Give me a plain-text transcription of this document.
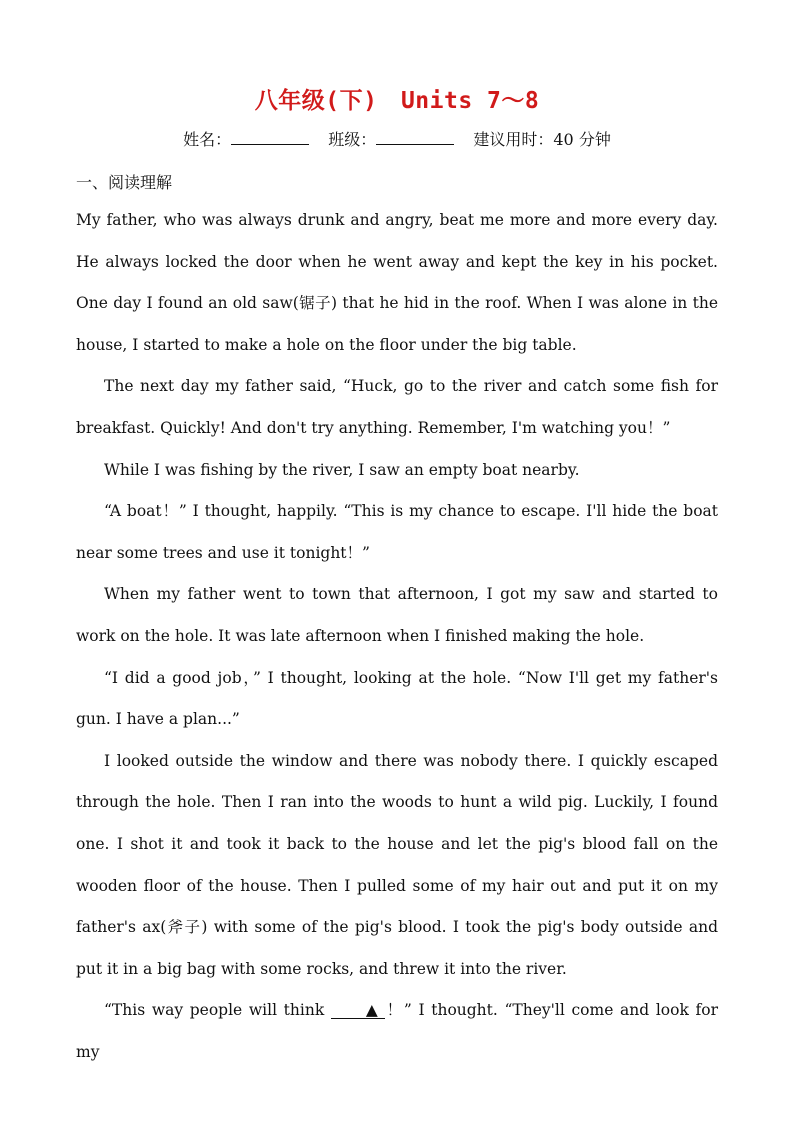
八年级(下)　Units 7～8
姓名：	班级：	建议用时：40 分钟
一、阅读理解

My father, who was always drunk and angry, beat me more and more every day. He always locked the door when he went away and kept the key in his pocket. One day I found an old saw(锯子) that he hid in the roof. When I was alone in the house, I started to make a hole on the floor under the big table.

The next day my father said, “Huck, go to the river and catch some fish for breakfast. Quickly! And don't try anything. Remember, I'm watching you！”

While I was fishing by the river, I saw an empty boat nearby.

“A boat！” I thought, happily. “This is my chance to escape. I'll hide the boat near some trees and use it tonight！”

When my father went to town that afternoon, I got my saw and started to work on the hole. It was late afternoon when I finished making the hole.

“I did a good job，” I thought, looking at the hole. “Now I'll get my father's gun. I have a plan...”

I looked outside the window and there was nobody there. I quickly escaped through the hole. Then I ran into the woods to hunt a wild pig. Luckily, I found one. I shot it and took it back to the house and let the pig's blood fall on the wooden floor of the house. Then I pulled some of my hair out and put it on my father's ax(斧子) with some of the pig's blood. I took the pig's body outside and put it in a big bag with some rocks, and threw it into the river.

“This way people will think ▲ ！” I thought. “They'll come and look for my
